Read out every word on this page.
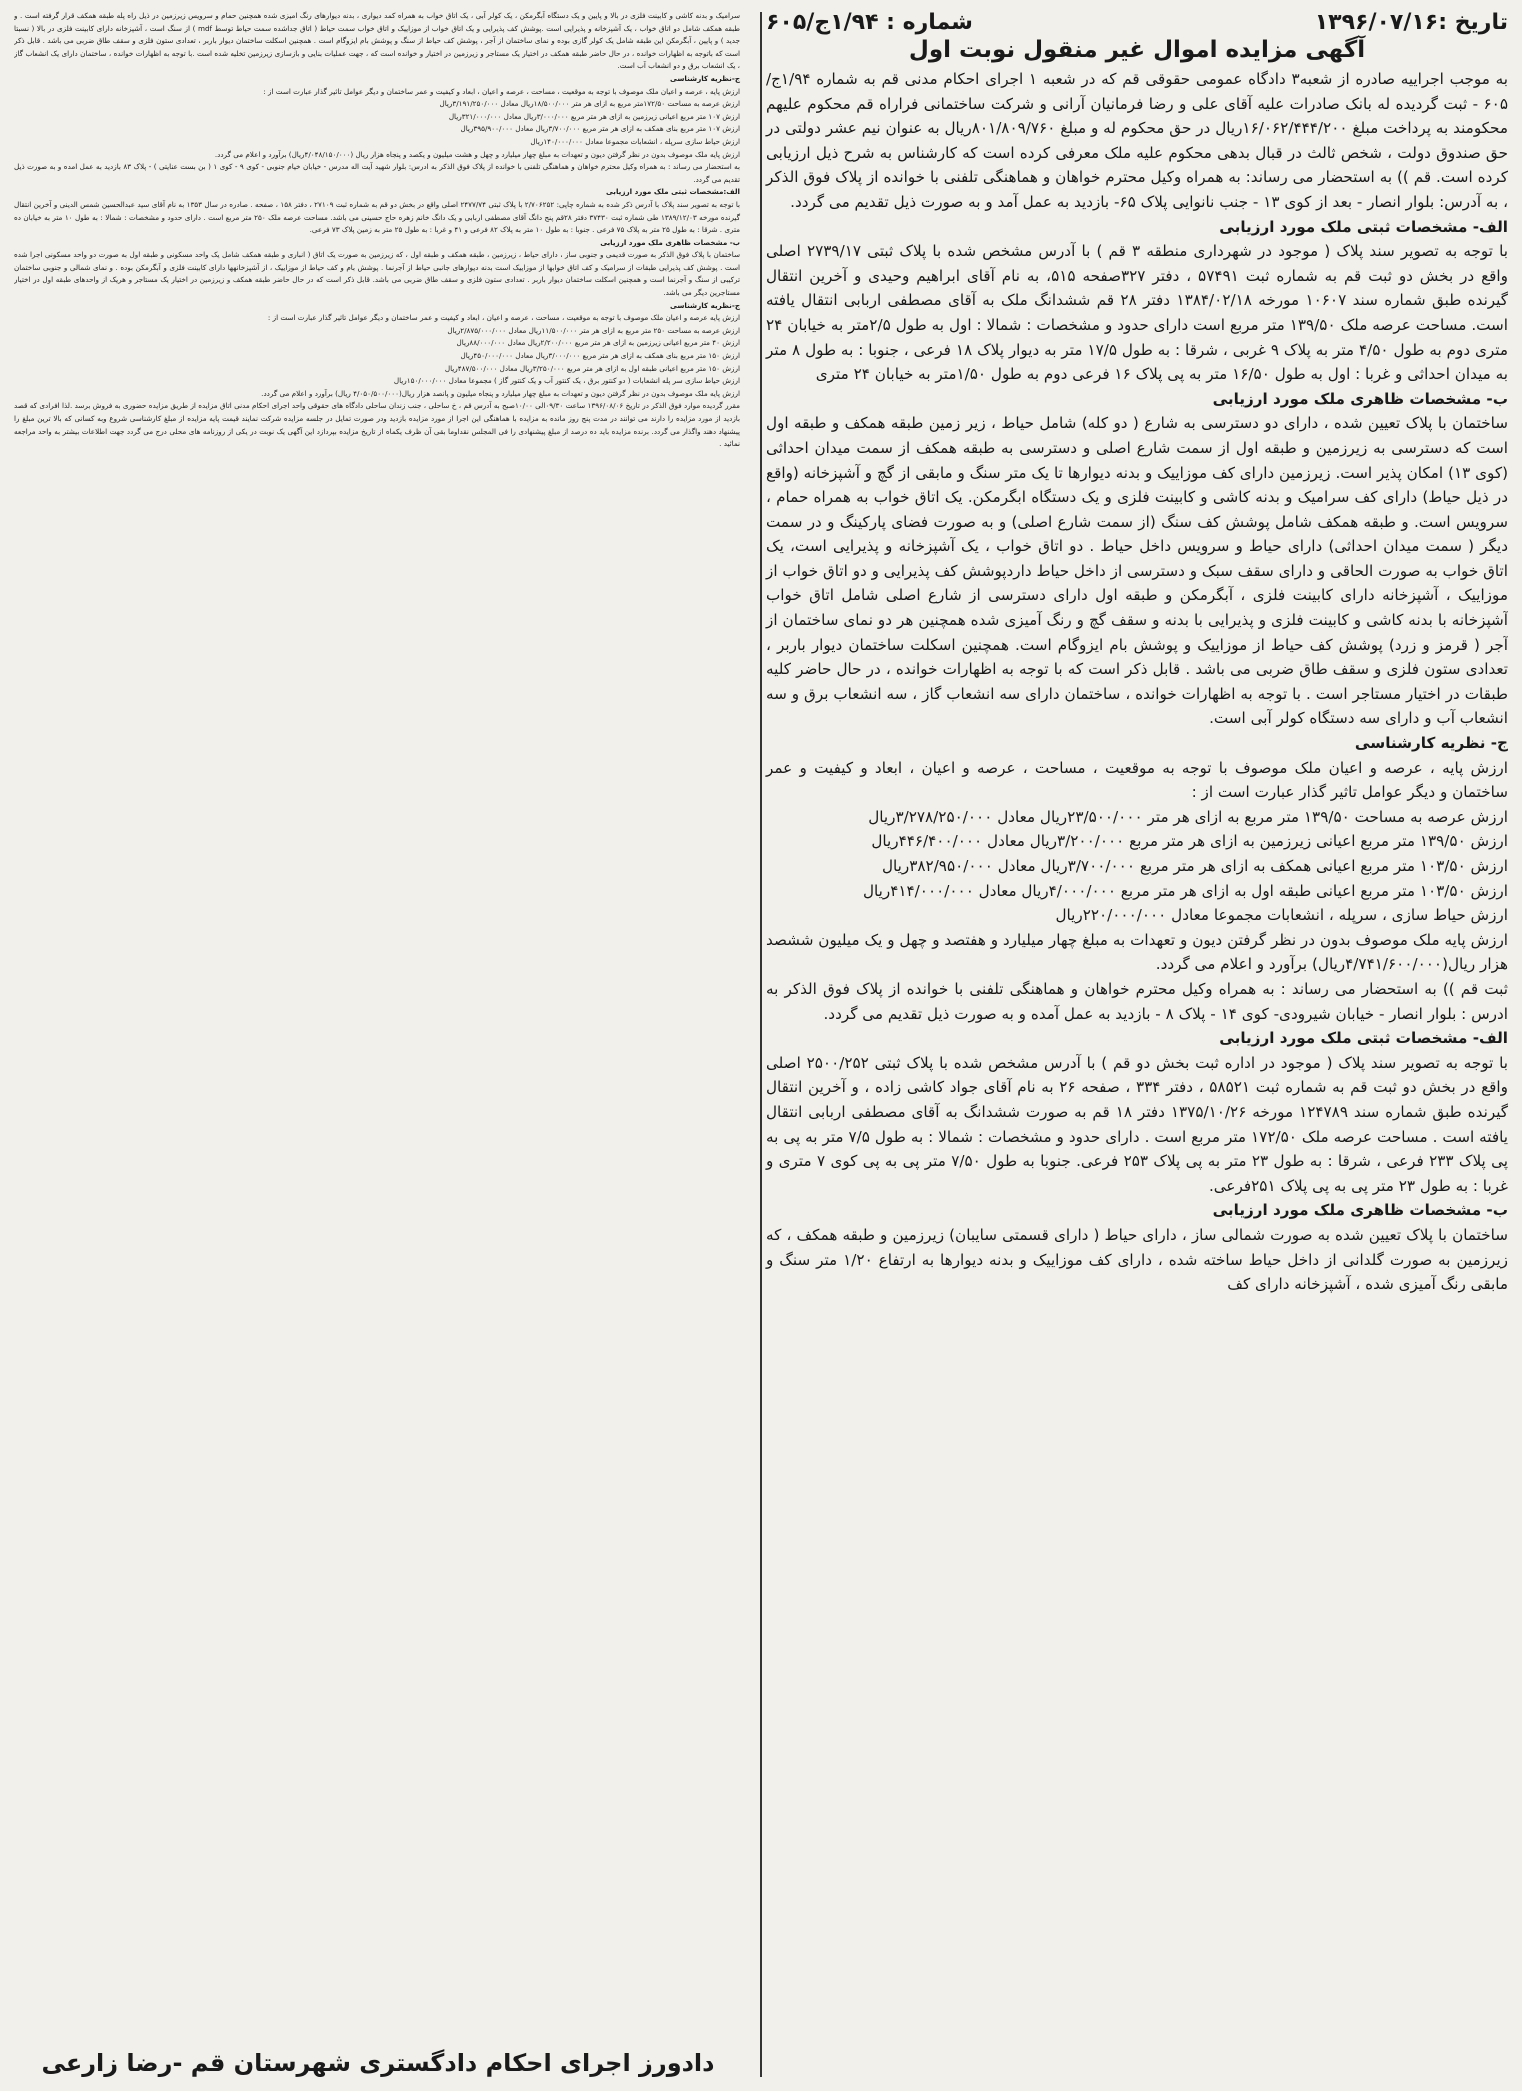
تاریخ :۱۳۹۶/۰۷/۱۶
شماره : ۱/۹۴ج/۶۰۵
آگهی مزایده اموال غیر منقول نوبت اول

به موجب اجراییه صادره از شعبه۳ دادگاه عمومی حقوقی قم که در شعبه ۱ اجرای احکام مدنی قم به شماره ۱/۹۴ج/۶۰۵ - ثبت گردیده له بانک صادرات علیه آقای علی و رضا فرمانیان آرانی و شرکت ساختمانی فراراه قم محکوم علیهم محکومند به پرداخت مبلغ ۱۶/۰۶۲/۴۴۴/۲۰۰ریال در حق محکوم له و مبلغ ۸۰۱/۸۰۹/۷۶۰ریال به عنوان نیم عشر دولتی در حق صندوق دولت ، شخص ثالث در قبال بدهی محکوم علیه ملک معرفی کرده است که کارشناس به شرح ذیل ارزیابی کرده است. قم )) به استحضار می رساند: به همراه وکیل محترم خواهان و هماهنگی تلفنی با خوانده از پلاک فوق الذکر ، به آدرس: بلوار انصار - بعد از کوی ۱۳ - جنب نانوایی پلاک ۶۵- بازدید به عمل آمد و به صورت ذیل تقدیم می گردد.

الف- مشخصات ثبتی ملک مورد ارزیابی

با توجه به تصویر سند پلاک ( موجود در شهرداری منطقه ۳ قم ) با آدرس مشخص شده با پلاک ثبتی ۲۷۳۹/۱۷ اصلی واقع در بخش دو ثبت قم به شماره ثبت ۵۷۴۹۱ ، دفتر ۳۲۷صفحه ۵۱۵، به نام آقای ابراهیم وحیدی و آخرین انتقال گیرنده طبق شماره سند ۱۰۶۰۷ مورخه ۱۳۸۴/۰۲/۱۸ دفتر ۲۸ قم ششدانگ ملک به آقای مصطفی اربابی انتقال یافته است. مساحت عرصه ملک ۱۳۹/۵۰ متر مربع است دارای حدود و مشخصات : شمالا : اول به طول ۲/۵متر به خیابان ۲۴ متری دوم به طول ۴/۵۰ متر به پلاک ۹ غربی ، شرقا : به طول ۱۷/۵ متر به دیوار پلاک ۱۸ فرعی ، جنوبا : به طول ۸ متر به میدان احداثی و غربا : اول به طول ۱۶/۵۰ متر به پی پلاک ۱۶ فرعی دوم به طول ۱/۵۰متر به خیابان ۲۴ متری

ب- مشخصات ظاهری ملک مورد ارزیابی

ساختمان با پلاک تعیین شده ، دارای دو دسترسی به شارع ( دو کله) شامل حیاط ، زیر زمین طبقه همکف و طبقه اول است که دسترسی به زیرزمین و طبقه اول از سمت شارع اصلی و دسترسی به طبقه همکف از سمت میدان احداثی (کوی ۱۳) امکان پذیر است. زیرزمین دارای کف موزاییک و بدنه دیوارها تا یک متر سنگ و مابقی از گچ و آشپزخانه (واقع در ذیل حیاط) دارای کف سرامیک و بدنه کاشی و کابینت فلزی و یک دستگاه ابگرمکن. یک اتاق خواب به همراه حمام ، سرویس است. و طبقه همکف شامل پوشش کف سنگ (از سمت شارع اصلی) و به صورت فضای پارکینگ و در سمت دیگر ( سمت میدان احداثی) دارای حیاط و سرویس داخل حیاط . دو اتاق خواب ، یک آشپزخانه و پذیرایی است، یک اتاق خواب به صورت الحاقی و دارای سقف سبک و دسترسی از داخل حیاط داردپوشش کف پذیرایی و دو اتاق خواب از موزاییک ، آشپزخانه دارای کابینت فلزی ، آبگرمکن و طبقه اول دارای دسترسی از شارع اصلی شامل اتاق خواب آشپزخانه با بدنه کاشی و کابینت فلزی و پذیرایی با بدنه و سقف گچ و رنگ آمیزی شده همچنین هر دو نمای ساختمان از آجر ( قرمز و زرد) پوشش کف حیاط از موزاییک و پوشش بام ایزوگام است. همچنین اسکلت ساختمان دیوار باربر ، تعدادی ستون فلزی و سقف طاق ضربی می باشد . قابل ذکر است که با توجه به اظهارات خوانده ، در حال حاضر کلیه طبقات در اختیار مستاجر است . با توجه به اظهارات خوانده ، ساختمان دارای سه انشعاب گاز ، سه انشعاب برق و سه انشعاب آب و دارای سه دستگاه کولر آبی است.

ج- نظریه کارشناسی

ارزش پایه ، عرصه و اعیان ملک موصوف با توجه به موقعیت ، مساحت ، عرصه و اعیان ، ابعاد و کیفیت و عمر ساختمان و دیگر عوامل تاثیر گذار عبارت است از :

ارزش عرصه به مساحت ۱۳۹/۵۰ متر مربع به ازای هر متر ۲۳/۵۰۰/۰۰۰ریال معادل ۳/۲۷۸/۲۵۰/۰۰۰ریال

ارزش ۱۳۹/۵۰ متر مربع اعیانی زیرزمین به ازای هر متر مربع ۳/۲۰۰/۰۰۰ریال معادل ۴۴۶/۴۰۰/۰۰۰ریال

ارزش ۱۰۳/۵۰ متر مربع اعیانی همکف به ازای هر متر مربع ۳/۷۰۰/۰۰۰ریال معادل ۳۸۲/۹۵۰/۰۰۰ریال

ارزش ۱۰۳/۵۰ متر مربع اعیانی طبقه اول به ازای هر متر مربع ۴/۰۰۰/۰۰۰ریال معادل ۴۱۴/۰۰۰/۰۰۰ریال

ارزش حیاط سازی ، سرپله ، انشعابات مجموعا معادل ۲۲۰/۰۰۰/۰۰۰ریال

ارزش پایه ملک موصوف بدون در نظر گرفتن دیون و تعهدات به مبلغ چهار میلیارد و هفتصد و چهل و یک میلیون ششصد هزار ریال(۴/۷۴۱/۶۰۰/۰۰۰ریال) برآورد و اعلام می گردد.

ثبت قم )) به استحضار می رساند : به همراه وکیل محترم خواهان و هماهنگی تلفنی با خوانده از پلاک فوق الذکر به ادرس : بلوار انصار - خیابان شیرودی- کوی ۱۴ - پلاک ۸ - بازدید به عمل آمده و به صورت ذیل تقدیم می گردد.

الف- مشخصات ثبتی ملک مورد ارزیابی

با توجه به تصویر سند پلاک ( موجود در اداره ثبت بخش دو قم ) با آدرس مشخص شده با پلاک ثبتی ۲۵۰۰/۲۵۲ اصلی واقع در بخش دو ثبت قم به شماره ثبت ۵۸۵۲۱ ، دفتر ۳۳۴ ، صفحه ۲۶ به نام آقای جواد کاشی زاده ، و آخرین انتقال گیرنده طبق شماره سند ۱۲۴۷۸۹ مورخه ۱۳۷۵/۱۰/۲۶ دفتر ۱۸ قم به صورت ششدانگ به آقای مصطفی اربابی انتقال یافته است . مساحت عرصه ملک ۱۷۲/۵۰ متر مربع است . دارای حدود و مشخصات : شمالا : به طول ۷/۵ متر به پی به پی پلاک ۲۳۳ فرعی ، شرقا : به طول ۲۳ متر به پی پلاک ۲۵۳ فرعی. جنوبا به طول ۷/۵۰ متر پی به پی کوی ۷ متری و غربا : به طول ۲۳ متر پی به پی پلاک ۲۵۱فرعی.

ب- مشخصات ظاهری ملک مورد ارزیابی

ساختمان با پلاک تعیین شده به صورت شمالی ساز ، دارای حیاط ( دارای قسمتی سایبان) زیرزمین و طبقه همکف ، که زیرزمین به صورت گلدانی از داخل حیاط ساخته شده ، دارای کف موزاییک و بدنه دیوارها به ارتفاع ۱/۲۰ متر سنگ و مابقی رنگ آمیزی شده ، آشپزخانه دارای کف

سرامیک و بدنه کاشی و کابینت فلزی در بالا و پایین و یک دستگاه آبگرمکن ، یک کولر آبی ، یک اتاق خواب به همراه کمد دیواری ، بدنه دیوارهای رنگ امیزی شده همچنین حمام و سرویس زیرزمین در ذیل راه پله طبقه همکف قرار گرفته است . و طبقه همکف شامل دو اتاق خواب ، یک آشپزخانه و پذیرایی است .پوشش کف پذیرایی و یک اتاق خواب از موزاییک و اتاق خواب سمت حیاط ( اتاق جداشده سمت حیاط توسط mdf ) از سنگ است ، آشپزخانه دارای کابینت فلزی در بالا ( نسبتا جدید ) و پایین ، آبگرمکن این طبقه شامل یک کولر گازی بوده و نمای ساختمان از آجر ، پوشش کف حیاط از سنگ و پوشش بام ایزوگام است . همچنین اسکلت ساختمان دیوار باربر ، تعدادی ستون فلزی و سقف طاق ضربی می باشد . قابل ذکر است که باتوجه به اظهارات خوانده ، در حال حاضر طبقه همکف در اختیار یک مستاجر و زیرزمین در اختیار و خوانده است که ، جهت عملیات بنایی و بازسازی زیرزمین تخلیه شده است .با توجه به اظهارات خوانده ، ساختمان دارای یک انشعاب گاز ، یک انشعاب برق و دو انشعاب آب است.

ج-نظریه کارشناسی

ارزش پایه ، عرصه و اعیان ملک موصوف با توجه به موقعیت ، مساحت ، عرصه و اعیان ، ابعاد و کیفیت و عمر ساختمان و دیگر عوامل تاثیر گذار عبارت است از :

ارزش عرصه به مساحت ۱۷۲/۵۰متر مربع به ازای هر متر ۱۸/۵۰۰/۰۰۰ریال معادل ۳/۱۹۱/۲۵۰/۰۰۰ریال

ارزش ۱۰۷ متر مربع اعیانی زیرزمین به ازای هر متر مربع ۳/۰۰۰/۰۰۰ریال معادل ۳۲۱/۰۰۰/۰۰۰ریال

ارزش ۱۰۷ متر مربع بنای همکف به ازای هر متر مربع ۳/۷۰۰/۰۰۰ریال معادل ۳۹۵/۹۰۰/۰۰۰ریال

ارزش حیاط سازی سرپله ، انشعابات مجموعا معادل ۱۴۰/۰۰۰/۰۰۰ریال

ارزش پایه ملک موصوف بدون در نظر گرفتن دیون و تعهدات به مبلغ چهار میلیارد و چهل و هشت میلیون و یکصد و پنجاه هزار ریال (۴/۰۴۸/۱۵۰/۰۰۰ریال) برآورد و اعلام می گردد.

به استحضار می رساند : به همراه وکیل محترم خواهان و هماهنگی تلفنی با خوانده از پلاک فوق الذکر به ادرس: بلوار شهید آیت اله مدرس - خیابان خیام جنوبی - کوی ۹ - کوی ۱ ( بن بست عنایتی ) - پلاک ۸۳ بازدید به عمل امده و به صورت ذیل تقدیم می گردد.

الف:مشخصات ثبتی ملک مورد ارزیابی

با توجه به تصویر سند پلاک با آدرس ذکر شده به شماره چاپی: ۲/۷۰۶۲۵۲ با پلاک ثبتی ۲۴۷۷/۷۴ اصلی واقع در بخش دو قم به شماره ثبت ۲۷۱۰۹ ، دفتر ۱۵۸ ، صفحه . صادره در سال ۱۳۵۳ به نام آقای سید عبدالحسین شمس الدینی و آخرین انتقال گیرنده مورخه ۱۳۸۹/۱۲/۰۳ طی شماره ثبت ۳۷۴۳۰ دفتر ۲۸قم پنج دانگ آقای مصطفی اربابی و یک دانگ خانم زهره حاج حسینی می باشد. مساحت عرصه ملک ۲۵۰ متر مربع است . دارای حدود و مشخصات : شمالا : به طول ۱۰ متر به خیابان ده متری . شرقا : به طول ۲۵ متر به پلاک ۷۵ فرعی . جنوبا : به طول ۱۰ متر به پلاک ۸۲ فرعی و ۴۱ و غربا : به طول ۲۵ متر به زمین پلاک ۷۳ فرعی.

ب- مشخصات ظاهری ملک مورد ارزیابی

ساختمان با پلاک فوق الذکر به صورت قدیمی و جنوبی ساز ، دارای حیاط ، زیرزمین ، طبقه همکف و طبقه اول ، که زیرزمین به صورت یک اتاق ( انباری و طبقه همکف شامل یک واحد مسکونی و طبقه اول به صورت دو واحد مسکونی اجرا شده است . پوشش کف پذیرایی طبقات از سرامیک و کف اتاق خوابها از موزاییک است بدنه دیوارهای جانبی حیاط از آجرنما . پوشش بام و کف حیاط از موزاییک ، از آشپزخانهها دارای کابینت فلزی و آبگرمکن بوده . و نمای شمالی و جنوبی ساختمان ترکیبی از سنگ و آجرنما است و همچنین اسکلت ساختمان دیوار باربر . تعدادی ستون فلزی و سقف طاق ضربی می باشد. قابل ذکر است که در حال حاضر طبقه همکف و زیرزمین در اختیار یک مستاجر و هریک از واحدهای طبقه اول در اختیار مستاجرین دیگر می باشد.

ج-نظریه کارشناسی

ارزش پایه عرصه و اعیان ملک موصوف با توجه به موقعیت ، مساحت ، عرصه و اعیان ، ابعاد و کیفیت و عمر ساختمان و دیگر عوامل تاثیر گذار عبارت است از :

ارزش عرصه به مساحت ۲۵۰ متر مربع به ازای هر متر ۱۱/۵۰۰/۰۰۰ریال معادل ۲/۸۷۵/۰۰۰/۰۰۰ریال

ارزش ۴۰ متر مربع اعیانی زیرزمین به ازای هر متر مربع ۲/۲۰۰/۰۰۰ریال معادل ۸۸/۰۰۰/۰۰۰ریال

ارزش ۱۵۰ متر مربع بنای همکف به ازای هر متر مربع ۳/۰۰۰/۰۰۰ریال معادل ۴۵۰/۰۰۰/۰۰۰ریال

ارزش ۱۵۰ متر مربع اعیانی طبقه اول به ازای هر متر مربع ۳/۲۵۰/۰۰۰ریال معادل ۴۸۷/۵۰۰/۰۰۰ریال

ارزش حیاط سازی سر پله انشعابات ( دو کنتور برق ، یک کنتور آب و یک کنتور گاز ) مجموعا معادل ۱۵۰/۰۰۰/۰۰۰ریال

ارزش پایه ملک موصوف بدون در نظر گرفتن دیون و تعهدات به مبلغ چهار میلیارد و پنجاه میلیون و پانصد هزار ریال(۴/۰۵۰/۵۰۰/۰۰۰ ریال) برآورد و اعلام می گردد.

مقرر گردیده موارد فوق الذکر در تاریخ ۱۳۹۶/۰۸/۰۶ ساعت ۰۹/۳۰الی ۱۰/۰۰صبح به آدرس قم ، خ ساحلی ، جنب زندان ساحلی دادگاه های حقوقی واحد اجرای احکام مدنی اتاق مزایده از طریق مزایده حضوری به فروش برسد .لذا افرادی که قصد بازدید از مورد مزایده را دارند می توانند در مدت پنج روز مانده به مزایده با هماهنگی این اجرا از مورد مزایده بازدید ودر صورت تمایل در جلسه مزایده شرکت نمایند قیمت پایه مزایده از مبلغ کارشناسی شروع وبه کسانی که بالا ترین مبلغ را پیشنهاد دهند واگذار می گردد. برنده مزایده باید ده درصد از مبلغ پیشنهادی را فی المجلس نقداوما بقی آن ظرف یکماه از تاریخ مزایده بپردازد این آگهی یک نوبت در یکی از روزنامه های محلی درج می گردد جهت اطلاعات بیشتر به واحد مراجعه نمائید .

دادورز اجرای احکام دادگستری شهرستان قم -رضا زارعی
